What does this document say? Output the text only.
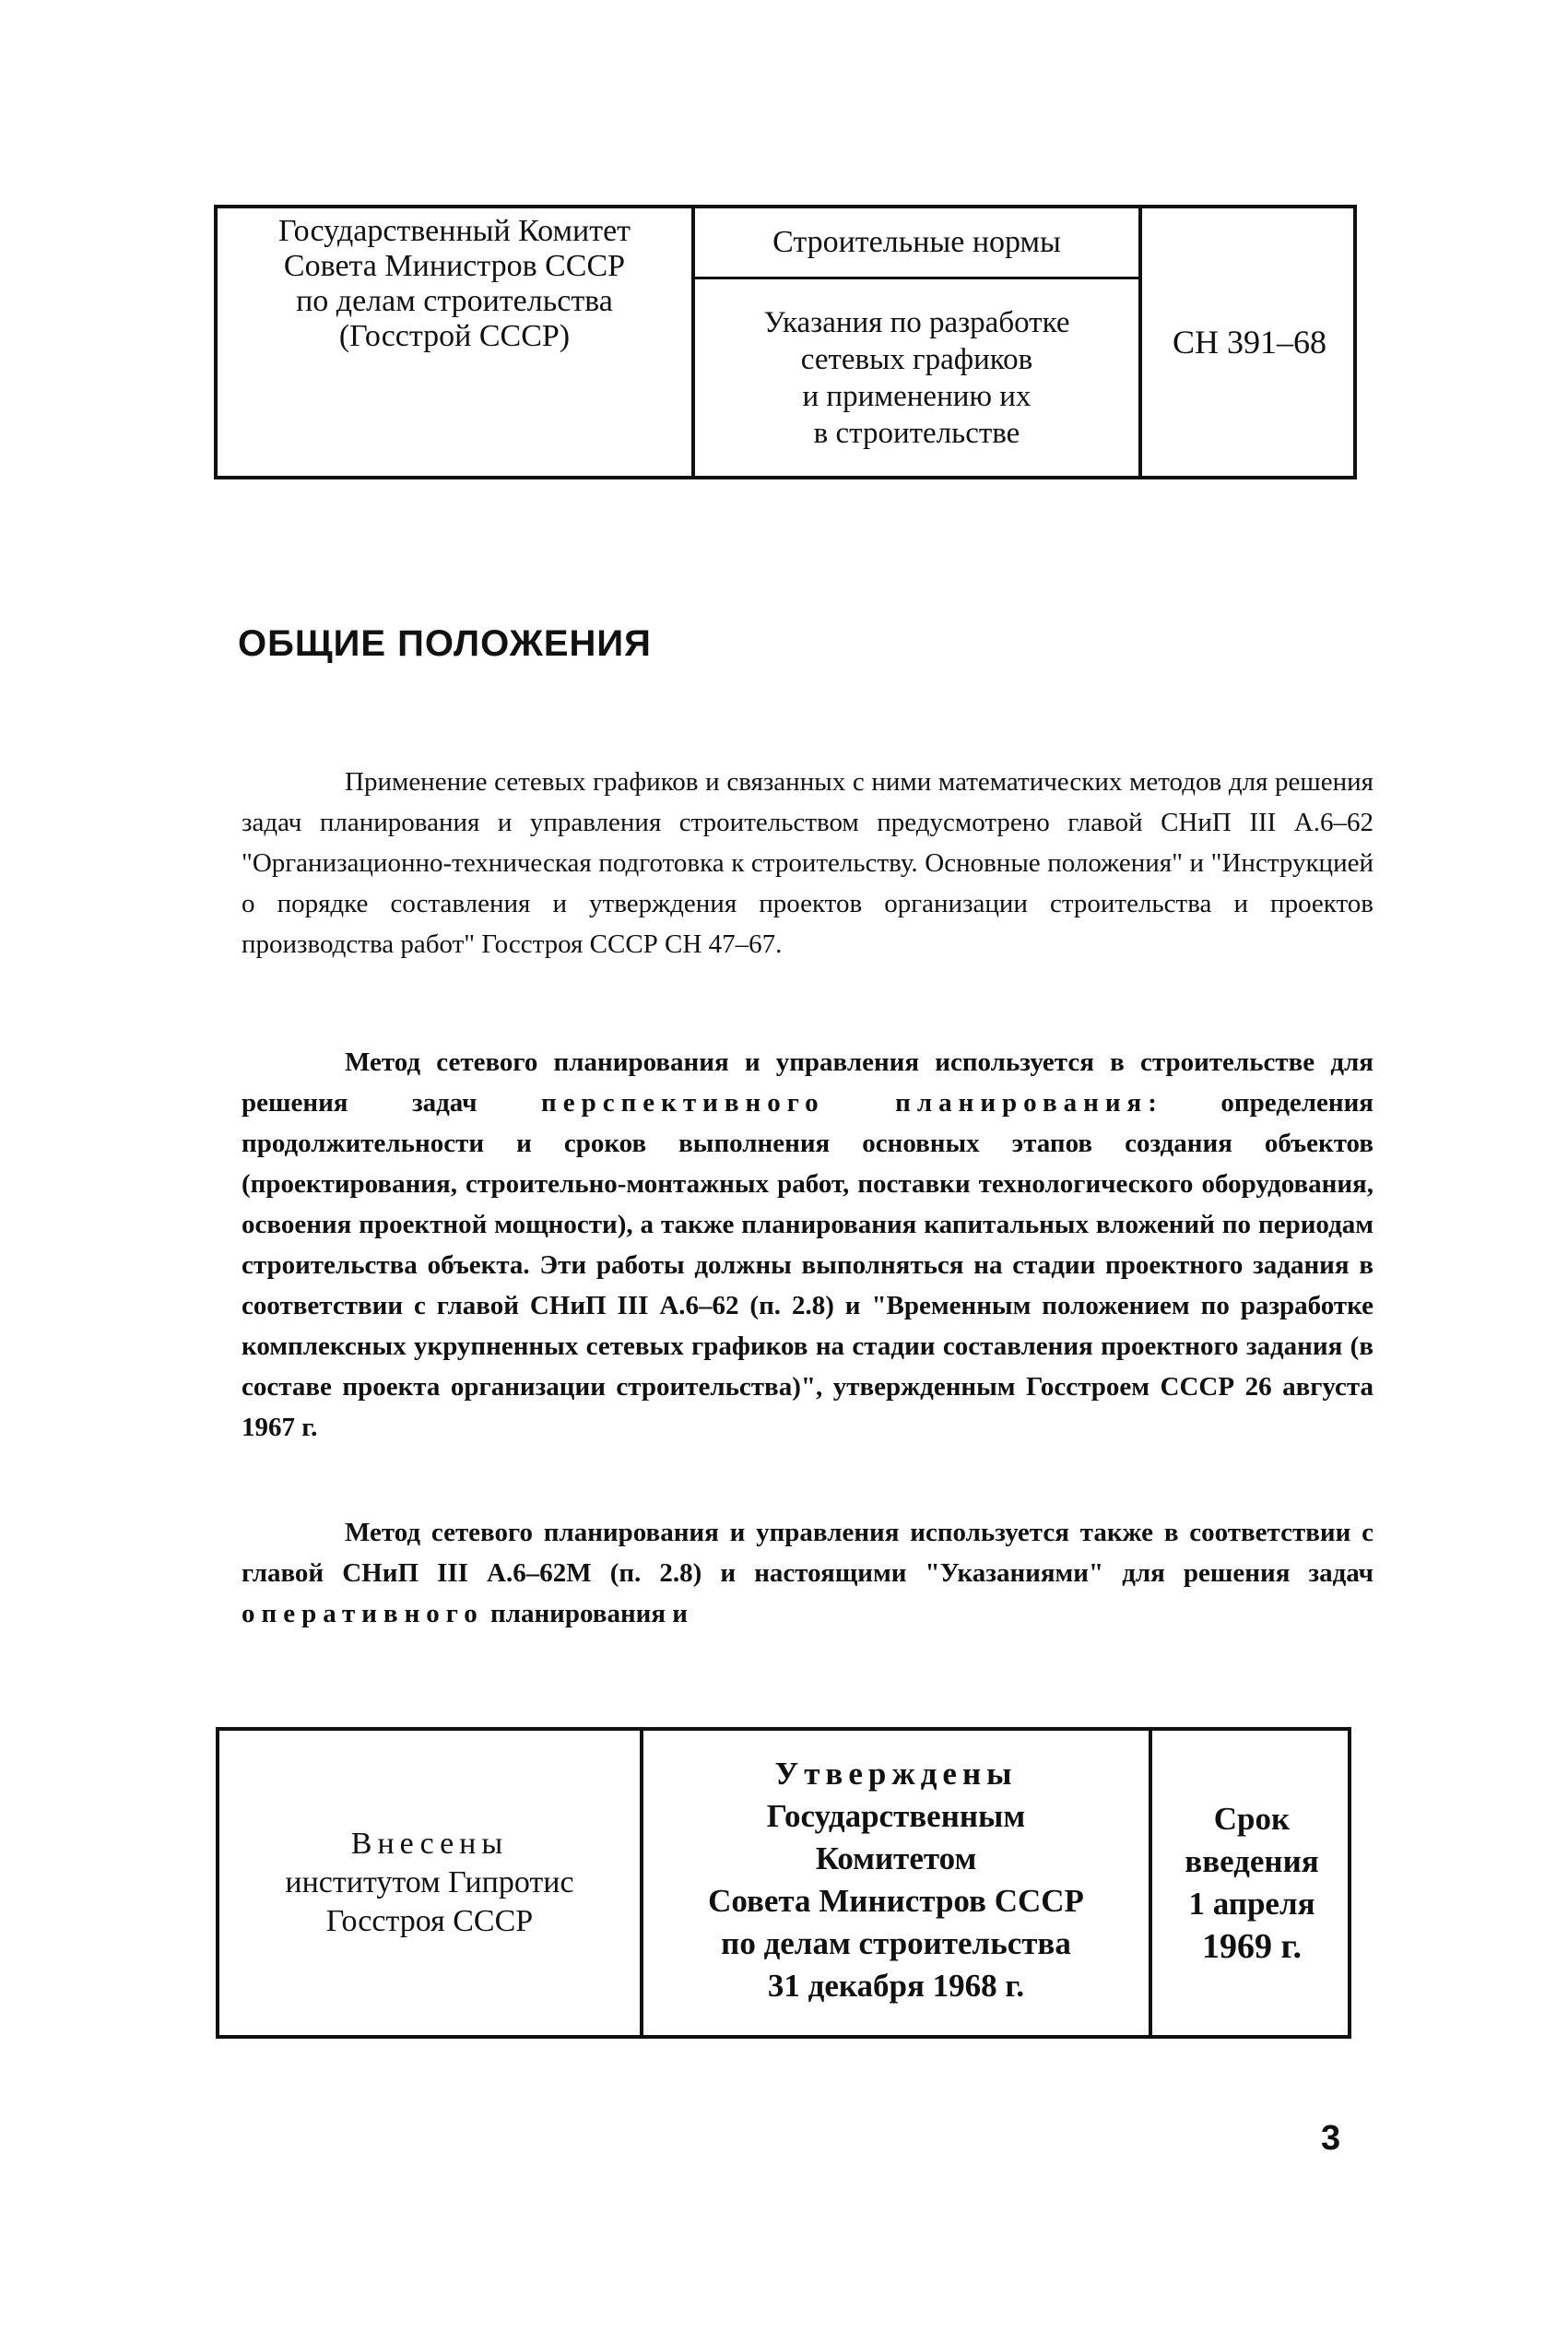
Государственный Комитет
Совета Министров СССР
по делам строительства
(Госстрой СССР)
Строительные нормы
Указания по разработке
сетевых графиков
и применению их
в строительстве
СН 391–68
ОБЩИЕ ПОЛОЖЕНИЯ
Применение сетевых графиков и связанных с ними математических методов для решения задач планирования и управления строительством предусмотрено главой СНиП III А.6–62 "Организационно-техническая подготовка к строительству. Основные положения" и "Инструкцией о порядке составления и утверждения проектов организации строительства и проектов производства работ" Госстроя СССР СН 47–67.
Метод сетевого планирования и управления используется в строительстве для решения задач перспективного планирования: определения продолжительности и сроков выполнения основных этапов создания объектов (проектирования, строительно-монтажных работ, поставки технологического оборудования, освоения проектной мощности), а также планирования капитальных вложений по периодам строительства объекта. Эти работы должны выполняться на стадии проектного задания в соответствии с главой СНиП III А.6–62 (п. 2.8) и "Временным положением по разработке комплексных укрупненных сетевых графиков на стадии составления проектного задания (в составе проекта организации строительства)", утвержденным Госстроем СССР 26 августа 1967 г.
Метод сетевого планирования и управления используется также в соответствии с главой СНиП III А.6–62М (п. 2.8) и настоящими "Указаниями" для решения задач оперативного планирования и
Внесены
институтом Гипротис
Госстроя СССР
Утверждены
Государственным
Комитетом
Совета Министров СССР
по делам строительства
31 декабря 1968 г.
Срок
введения
1 апреля
1969 г.
3
